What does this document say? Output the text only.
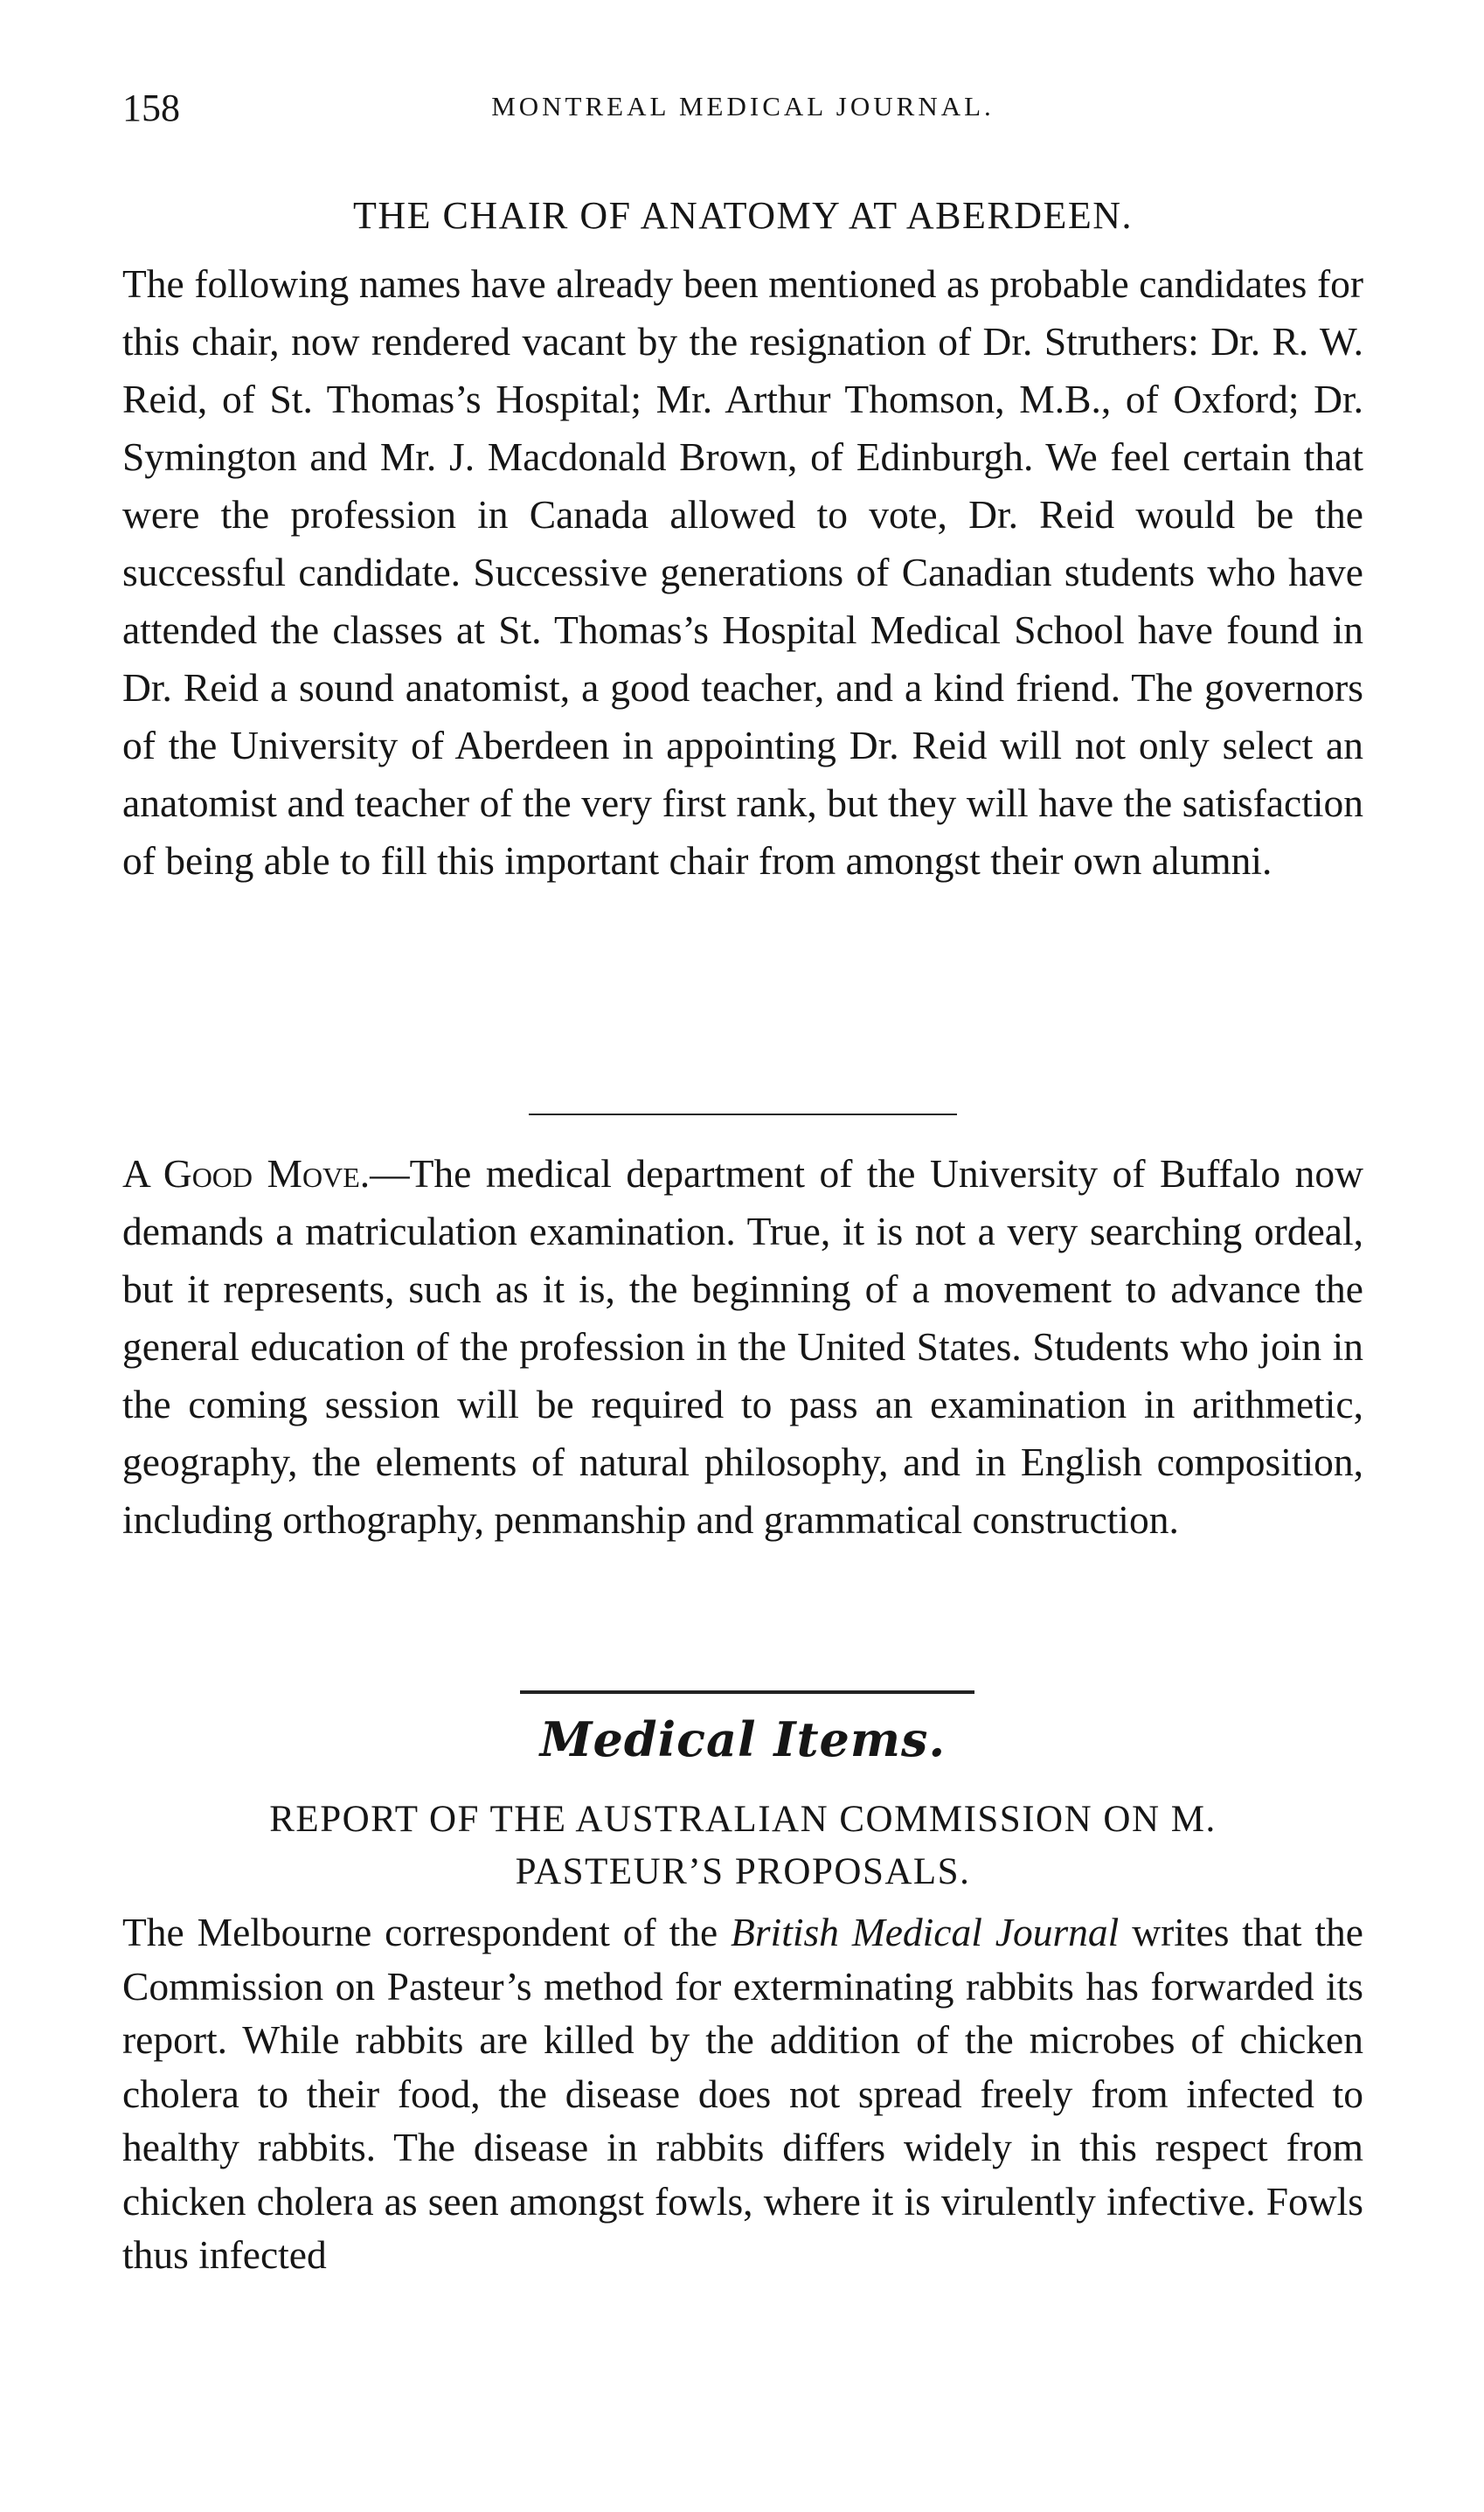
158	MONTREAL MEDICAL JOURNAL.
THE CHAIR OF ANATOMY AT ABERDEEN.

The following names have already been mentioned as probable candidates for this chair, now rendered vacant by the resignation of Dr. Struthers: Dr. R. W. Reid, of St. Thomas’s Hospital; Mr. Arthur Thomson, M.B., of Oxford; Dr. Symington and Mr. J. Macdonald Brown, of Edinburgh. We feel certain that were the profession in Canada allowed to vote, Dr. Reid would be the successful candidate. Successive generations of Canadian students who have attended the classes at St. Thomas’s Hospital Medical School have found in Dr. Reid a sound anatomist, a good teacher, and a kind friend. The governors of the University of Aberdeen in appointing Dr. Reid will not only select an anatomist and teacher of the very first rank, but they will have the satisfaction of being able to fill this important chair from amongst their own alumni.

A Good Move.—The medical department of the University of Buffalo now demands a matriculation examination. True, it is not a very searching ordeal, but it represents, such as it is, the beginning of a movement to advance the general education of the profession in the United States. Students who join in the coming session will be required to pass an examination in arithmetic, geography, the elements of natural philosophy, and in English composition, including orthography, penmanship and grammatical construction.

Medical Items.
REPORT OF THE AUSTRALIAN COMMISSION ON M.
PASTEUR’S PROPOSALS.

The Melbourne correspondent of the British Medical Journal writes that the Commission on Pasteur’s method for exterminating rabbits has forwarded its report. While rabbits are killed by the addition of the microbes of chicken cholera to their food, the disease does not spread freely from infected to healthy rabbits. The disease in rabbits differs widely in this respect from chicken cholera as seen amongst fowls, where it is virulently infective. Fowls thus infected
